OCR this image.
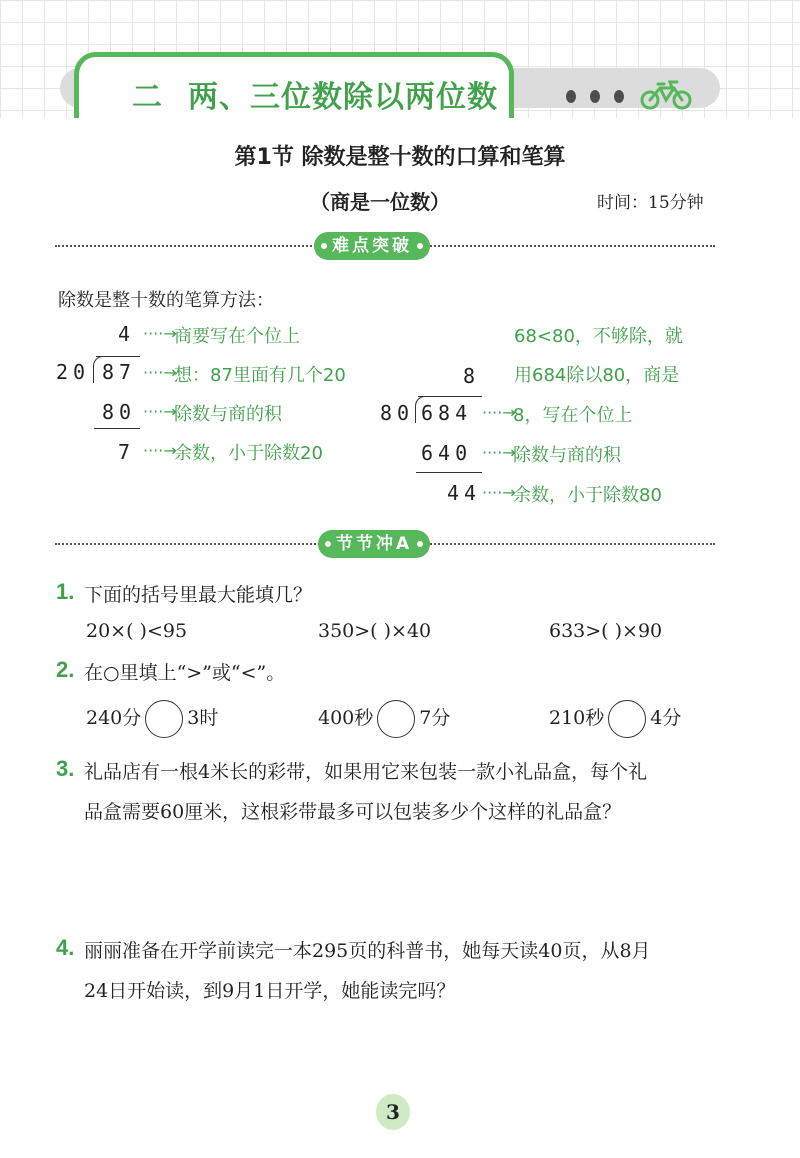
二 两、三位数除以两位数
第1节 除数是整十数的口算和笔算
（商是一位数）	时间：15分钟
难点突破
除数是整十数的笔算方法：
4
20 87
80
7
····→
商要写在个位上
····→
想：87里面有几个20
····→
除数与商的积
····→
余数，小于除数20
68<80，不够除，就
用684除以80，商是
8
80 684
640
44
····→
8，写在个位上
····→
除数与商的积
····→
余数，小于除数80
节节冲A
1. 下面的括号里最大能填几？
20×( )<95	350>( )×40	633>( )×90
2. 在○里填上“>”或“<”。
240分 3时	400秒 7分	210秒 4分
3. 礼品店有一根4米长的彩带，如果用它来包装一款小礼品盒，每个礼
品盒需要60厘米，这根彩带最多可以包装多少个这样的礼品盒？
4. 丽丽准备在开学前读完一本295页的科普书，她每天读40页，从8月
24日开始读，到9月1日开学，她能读完吗？
3
